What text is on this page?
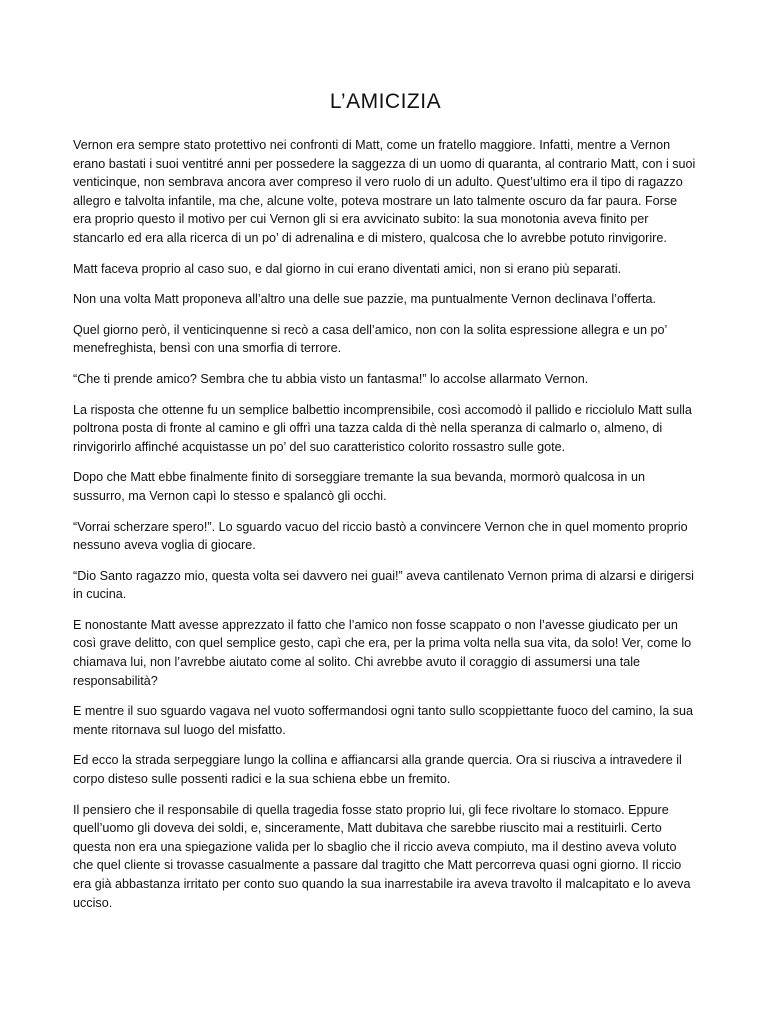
L’AMICIZIA

Vernon era sempre stato protettivo nei confronti di Matt, come un fratello maggiore. Infatti, mentre a Vernon erano bastati i suoi ventitré anni per possedere la saggezza di un uomo di quaranta, al contrario Matt, con i suoi venticinque, non sembrava ancora aver compreso il vero ruolo di un adulto. Quest’ultimo era il tipo di ragazzo allegro e talvolta infantile, ma che, alcune volte, poteva mostrare un lato talmente oscuro da far paura. Forse era proprio questo il motivo per cui Vernon gli si era avvicinato subito: la sua monotonia aveva finito per stancarlo ed era alla ricerca di un po’ di adrenalina e di mistero, qualcosa che lo avrebbe potuto rinvigorire.

Matt faceva proprio al caso suo, e dal giorno in cui erano diventati amici, non si erano più separati.

Non una volta Matt proponeva all’altro una delle sue pazzie, ma puntualmente Vernon declinava l’offerta.

Quel giorno però, il venticinquenne si recò a casa dell’amico, non con la solita espressione allegra e un po’ menefreghista, bensì con una smorfia di terrore.

“Che ti prende amico? Sembra che tu abbia visto un fantasma!” lo accolse allarmato Vernon.

La risposta che ottenne fu un semplice balbettio incomprensibile, così accomodò il pallido e ricciolulo Matt sulla poltrona posta di fronte al camino e gli offrì una tazza calda di thè nella speranza di calmarlo o, almeno, di rinvigorirlo affinché acquistasse un po’ del suo caratteristico colorito rossastro sulle gote.

Dopo che Matt ebbe finalmente finito di sorseggiare tremante la sua bevanda, mormorò qualcosa in un sussurro, ma Vernon capì lo stesso e spalancò gli occhi.

“Vorrai scherzare spero!”. Lo sguardo vacuo del riccio bastò a convincere Vernon che in quel momento proprio nessuno aveva voglia di giocare.

“Dio Santo ragazzo mio, questa volta sei davvero nei guai!” aveva cantilenato Vernon prima di alzarsi e dirigersi in cucina.

E nonostante Matt avesse apprezzato il fatto che l’amico non fosse scappato o non l’avesse giudicato per un così grave delitto, con quel semplice gesto, capì che era, per la prima volta nella sua vita, da solo! Ver, come lo chiamava lui, non l’avrebbe aiutato come al solito. Chi avrebbe avuto il coraggio di assumersi una tale responsabilità?

E mentre il suo sguardo vagava nel vuoto soffermandosi ogni tanto sullo scoppiettante fuoco del camino, la sua mente ritornava sul luogo del misfatto.

Ed ecco la strada serpeggiare lungo la collina e affiancarsi alla grande quercia. Ora si riusciva a intravedere il corpo disteso sulle possenti radici e la sua schiena ebbe un fremito.

Il pensiero che il responsabile di quella tragedia fosse stato proprio lui, gli fece rivoltare lo stomaco. Eppure quell’uomo gli doveva dei soldi, e, sinceramente, Matt dubitava che sarebbe riuscito mai a restituirli. Certo questa non era una spiegazione valida per lo sbaglio che il riccio aveva compiuto, ma il destino aveva voluto che quel cliente si trovasse casualmente a passare dal tragitto che Matt percorreva quasi ogni giorno. Il riccio era già abbastanza irritato per conto suo quando la sua inarrestabile ira aveva travolto il malcapitato e lo aveva ucciso.
